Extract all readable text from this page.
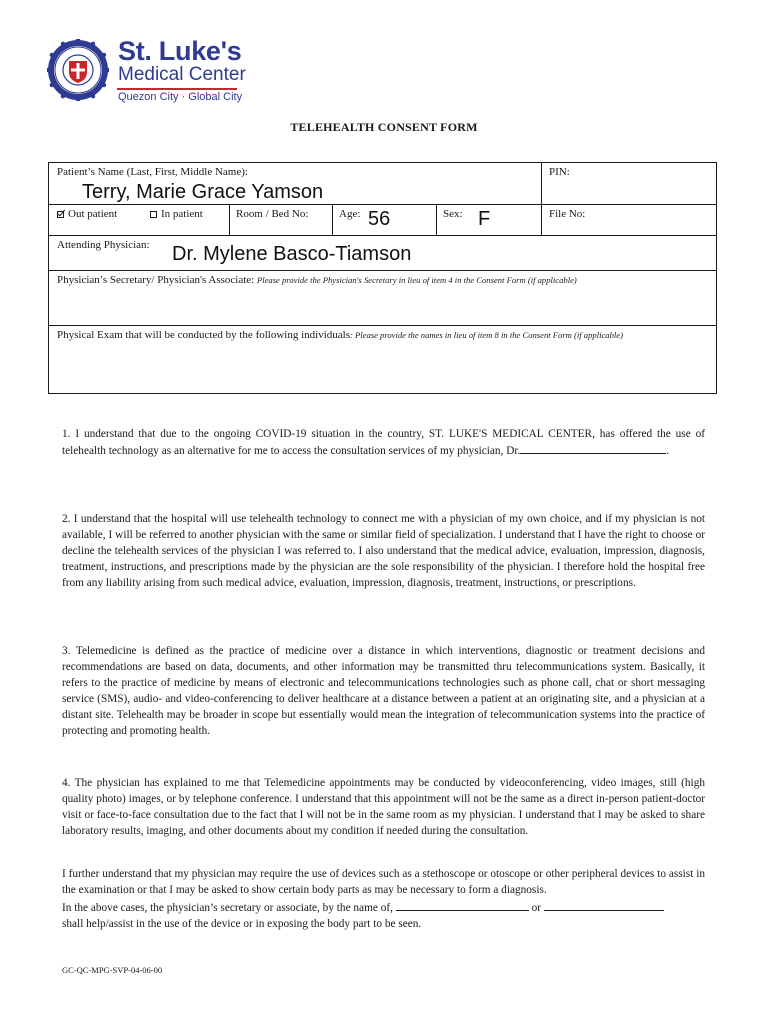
St. Luke's
Medical Center
Quezon City · Global City
TELEHEALTH CONSENT FORM
Patient’s Name (Last, First, Middle Name):
Terry, Marie Grace Yamson
PIN:
Out patient	In patient	Room / Bed No:	Age: 56	Sex: F	File No:
Attending Physician: Dr. Mylene Basco-Tiamson
Physician’s Secretary/ Physician's Associate: Please provide the Physician's Secretary in lieu of item 4 in the Consent Form (if applicable)
Physical Exam that will be conducted by the following individuals: Please provide the names in lieu of item 8 in the Consent Form (if applicable)
1. I understand that due to the ongoing COVID-19 situation in the country, ST. LUKE'S MEDICAL CENTER, has offered the use of telehealth technology as an alternative for me to access the consultation services of my physician, Dr.	.
2. I understand that the hospital will use telehealth technology to connect me with a physician of my own choice, and if my physician is not available, I will be referred to another physician with the same or similar field of specialization. I understand that I have the right to choose or decline the telehealth services of the physician I was referred to. I also understand that the medical advice, evaluation, impression, diagnosis, treatment, instructions, and prescriptions made by the physician are the sole responsibility of the physician. I therefore hold the hospital free from any liability arising from such medical advice, evaluation, impression, diagnosis, treatment, instructions, or prescriptions.
3. Telemedicine is defined as the practice of medicine over a distance in which interventions, diagnostic or treatment decisions and recommendations are based on data, documents, and other information may be transmitted thru telecommunications system. Basically, it refers to the practice of medicine by means of electronic and telecommunications technologies such as phone call, chat or short messaging service (SMS), audio- and video-conferencing to deliver healthcare at a distance between a patient at an originating site, and a physician at a distant site. Telehealth may be broader in scope but essentially would mean the integration of telecommunication systems into the practice of protecting and promoting health.
4. The physician has explained to me that Telemedicine appointments may be conducted by videoconferencing, video images, still (high quality photo) images, or by telephone conference. I understand that this appointment will not be the same as a direct in-person patient-doctor visit or face-to-face consultation due to the fact that I will not be in the same room as my physician. I understand that I may be asked to share laboratory results, imaging, and other documents about my condition if needed during the consultation.
I further understand that my physician may require the use of devices such as a stethoscope or otoscope or other peripheral devices to assist in the examination or that I may be asked to show certain body parts as may be necessary to form a diagnosis.
In the above cases, the physician’s secretary or associate, by the name of,	or
shall help/assist in the use of the device or in exposing the body part to be seen.
GC-QC-MPG-SVP-04-06-00
